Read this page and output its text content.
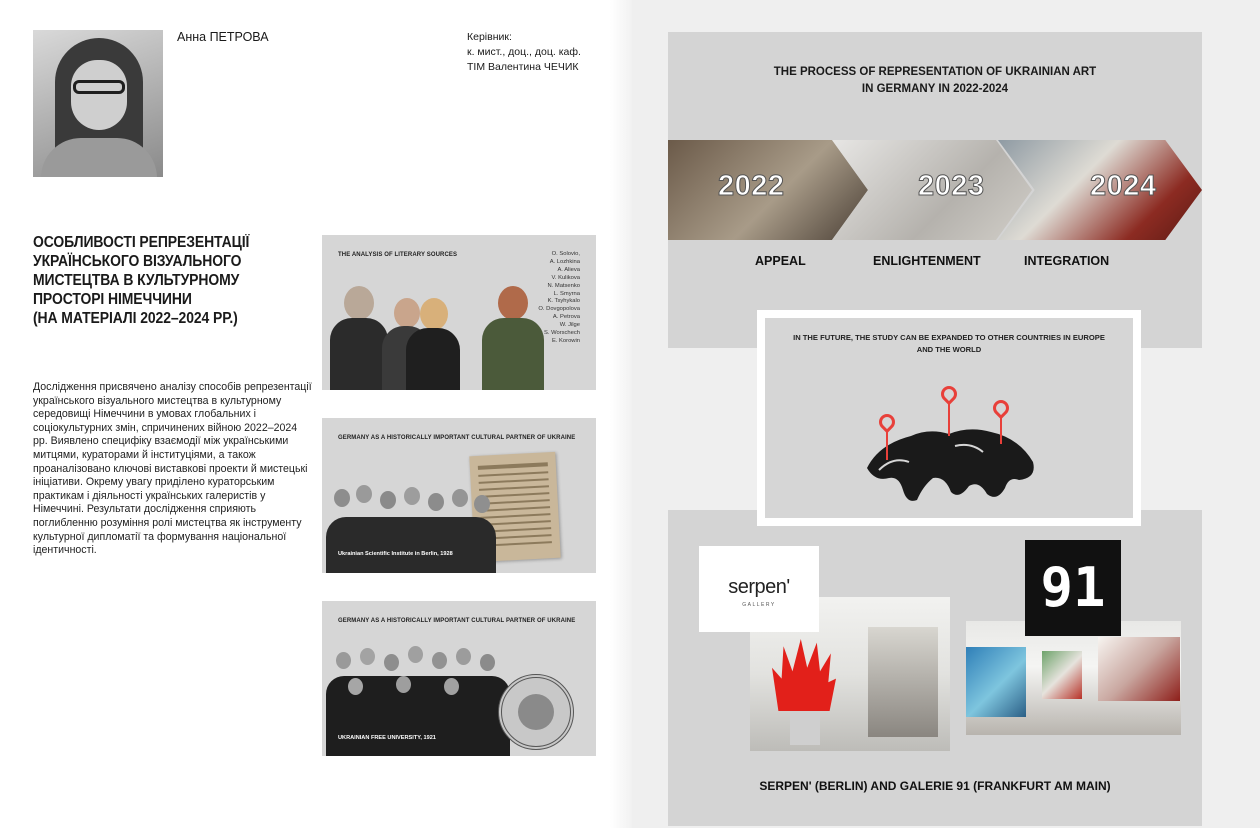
Анна ПЕТРОВА	Керівник:
к. мист., доц., доц. каф.
ТІМ Валентина ЧЕЧИК
ОСОБЛИВОСТІ РЕПРЕЗЕНТАЦІЇ
УКРАЇНСЬКОГО ВІЗУАЛЬНОГО
МИСТЕЦТВА В КУЛЬТУРНОМУ
ПРОСТОРІ НІМЕЧЧИНИ
(НА МАТЕРІАЛІ 2022–2024 РР.)
Дослідження присвячено аналізу способів репрезентації українського візуального мистецтва в культурному середовищі Німеччини в умовах глобальних і соціокультурних змін, спричинених війною 2022–2024 рр. Виявлено специфіку взаємодії між українськими митцями, кураторами й інституціями, а також проаналізовано ключові виставкові проекти й мистецькі ініціативи. Окрему увагу приділено кураторським практикам і діяльності українських галеристів у Німеччині. Результати дослідження сприяють поглибленню розуміння ролі мистецтва як інструменту культурної дипломатії та формування національної ідентичності.
THE ANALYSIS OF LITERARY SOURCES	O. Solovio,
A. Lozhkina
A. Alieva
V. Kulikova
N. Matsenko
L. Smyrna
K. Tsyhykalo
O. Dovgopolova
A. Petrova
W. Jilge
S. Worschech
E. Korowin
GERMANY AS A HISTORICALLY IMPORTANT CULTURAL PARTNER OF UKRAINE
Ukrainian Scientific Institute in Berlin, 1928
GERMANY AS A HISTORICALLY IMPORTANT CULTURAL PARTNER OF UKRAINE
UKRAINIAN FREE UNIVERSITY, 1921
THE PROCESS OF REPRESENTATION OF UKRAINIAN ART
IN GERMANY IN 2022-2024
2022	2023	2024
APPEAL	ENLIGHTENMENT	INTEGRATION
IN THE FUTURE, THE STUDY CAN BE EXPANDED TO OTHER COUNTRIES IN EUROPE AND THE WORLD
serpen'
GALLERY	91
SERPEN' (BERLIN) AND GALERIE 91 (FRANKFURT AM MAIN)
